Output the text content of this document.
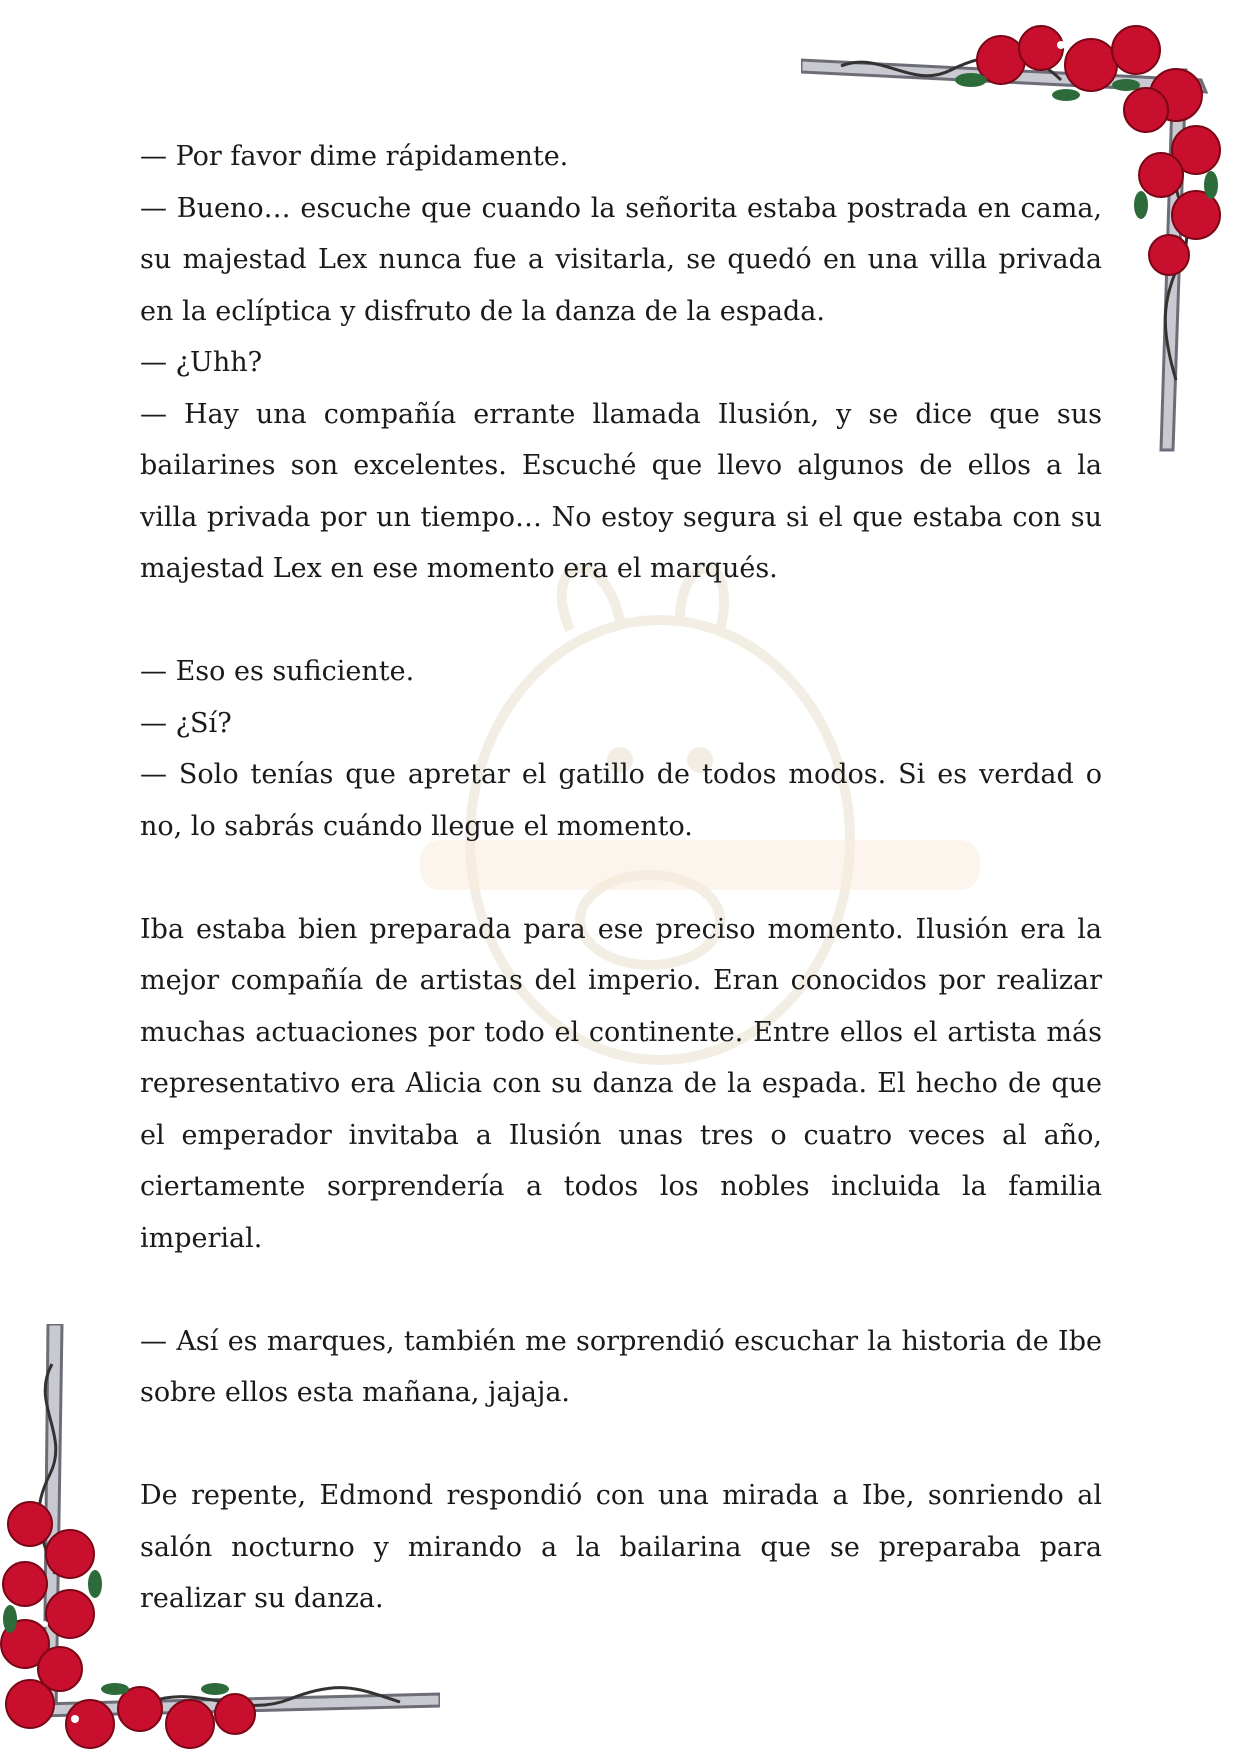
— Por favor dime rápidamente.

— Bueno… escuche que cuando la señorita estaba postrada en cama, su majestad Lex nunca fue a visitarla, se quedó en una villa privada en la eclíptica y disfruto de la danza de la espada.

— ¿Uhh?

— Hay una compañía errante llamada Ilusión, y se dice que sus bailarines son excelentes. Escuché que llevo algunos de ellos a la villa privada por un tiempo… No estoy segura si el que estaba con su majestad Lex en ese momento era el marqués.

— Eso es suficiente.

— ¿Sí?

— Solo tenías que apretar el gatillo de todos modos. Si es verdad o no, lo sabrás cuándo llegue el momento.

Iba estaba bien preparada para ese preciso momento. Ilusión era la mejor compañía de artistas del imperio. Eran conocidos por realizar muchas actuaciones por todo el continente. Entre ellos el artista más representativo era Alicia con su danza de la espada. El hecho de que el emperador invitaba a Ilusión unas tres o cuatro veces al año, ciertamente sorprendería a todos los nobles incluida la familia imperial.

— Así es marques, también me sorprendió escuchar la historia de Ibe sobre ellos esta mañana, jajaja.

De repente, Edmond respondió con una mirada a Ibe, sonriendo al salón nocturno y mirando a la bailarina que se preparaba para realizar su danza.
